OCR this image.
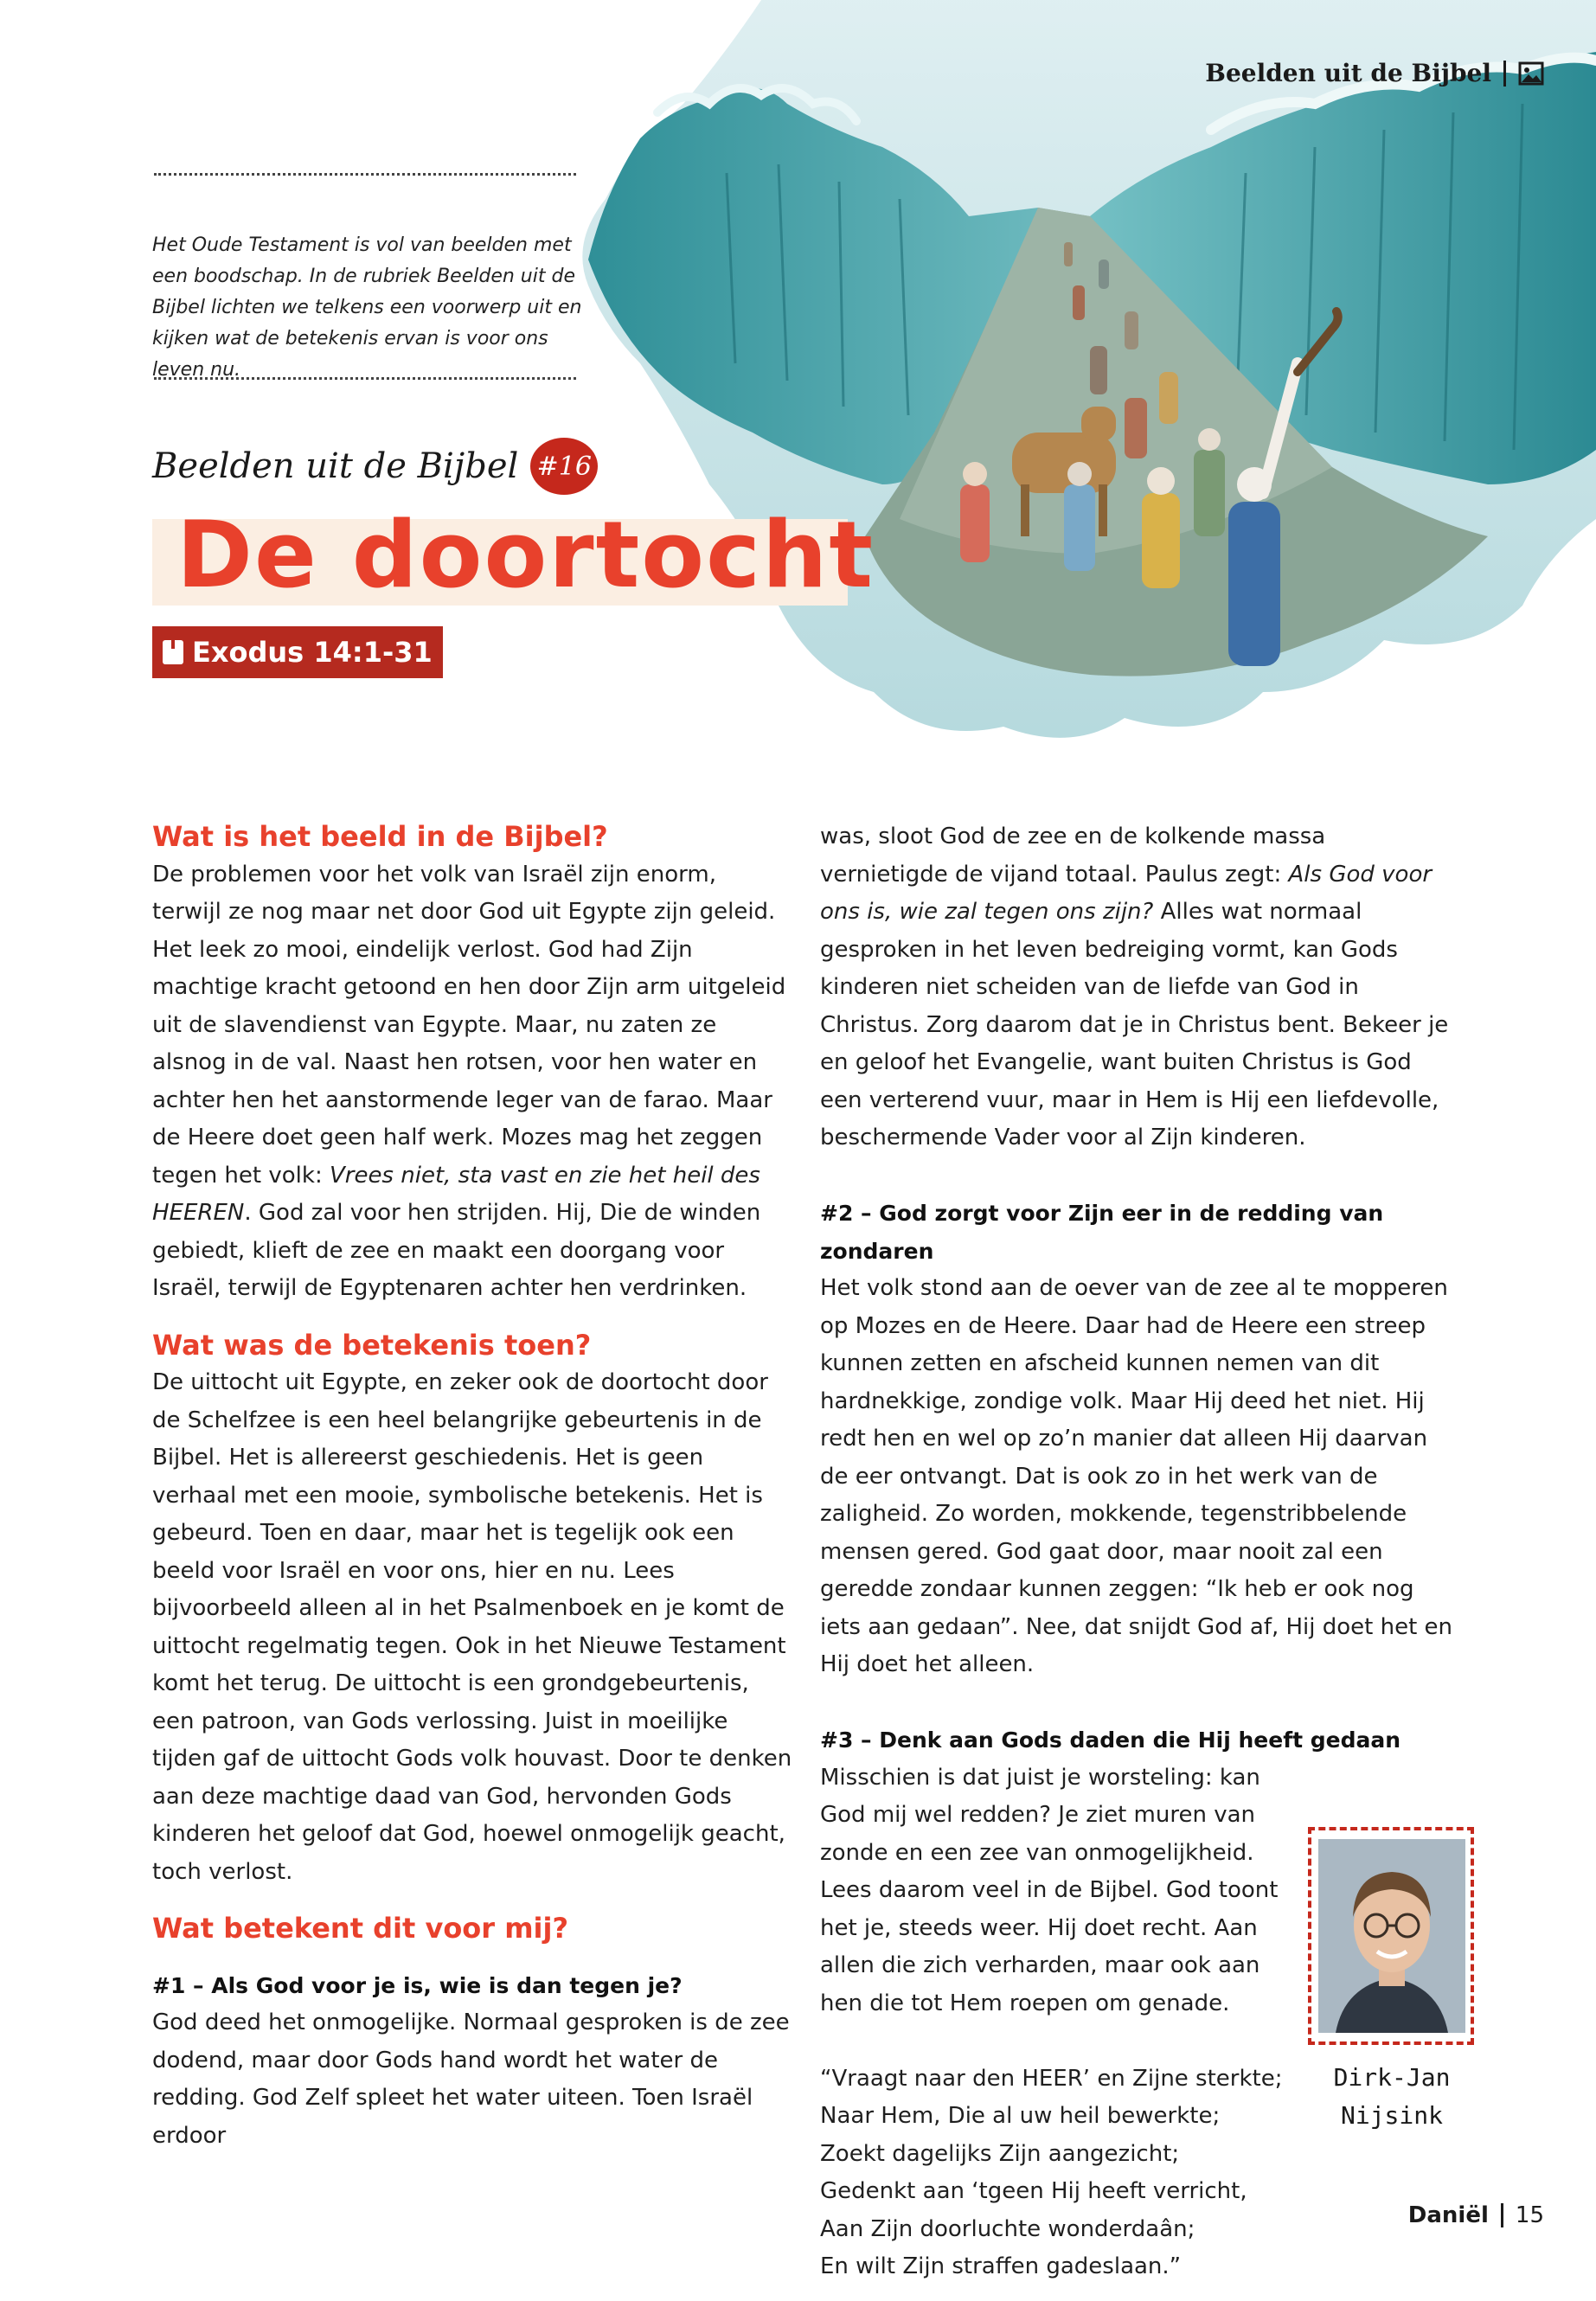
Beelden uit de Bijbel

Het Oude Testament is vol van beelden met een boodschap. In de rubriek Beelden uit de Bijbel lichten we telkens een voorwerp uit en kijken wat de betekenis ervan is voor ons leven nu.

Beelden uit de Bijbel #16
De doortocht
Exodus 14:1-31
Wat is het beeld in de Bijbel?

De problemen voor het volk van Israël zijn enorm, terwijl ze nog maar net door God uit Egypte zijn geleid. Het leek zo mooi, eindelijk verlost. God had Zijn machtige kracht getoond en hen door Zijn arm uitgeleid uit de slavendienst van Egypte. Maar, nu zaten ze alsnog in de val. Naast hen rotsen, voor hen water en achter hen het aanstormende leger van de farao. Maar de Heere doet geen half werk. Mozes mag het zeggen tegen het volk: Vrees niet, sta vast en zie het heil des HEEREN. God zal voor hen strijden. Hij, Die de winden gebiedt, klieft de zee en maakt een doorgang voor Israël, terwijl de Egyptenaren achter hen verdrinken.

Wat was de betekenis toen?

De uittocht uit Egypte, en zeker ook de doortocht door de Schelfzee is een heel belangrijke gebeurtenis in de Bijbel. Het is allereerst geschiedenis. Het is geen verhaal met een mooie, symbolische betekenis. Het is gebeurd. Toen en daar, maar het is tegelijk ook een beeld voor Israël en voor ons, hier en nu. Lees bijvoorbeeld alleen al in het Psalmenboek en je komt de uittocht regelmatig tegen. Ook in het Nieuwe Testament komt het terug. De uittocht is een grondgebeurtenis, een patroon, van Gods verlossing. Juist in moeilijke tijden gaf de uittocht Gods volk houvast. Door te denken aan deze machtige daad van God, hervonden Gods kinderen het geloof dat God, hoewel onmogelijk geacht, toch verlost.

Wat betekent dit voor mij?
#1 – Als God voor je is, wie is dan tegen je?

God deed het onmogelijke. Normaal gesproken is de zee dodend, maar door Gods hand wordt het water de redding. God Zelf spleet het water uiteen. Toen Israël erdoor

was, sloot God de zee en de kolkende massa vernietigde de vijand totaal. Paulus zegt: Als God voor ons is, wie zal tegen ons zijn? Alles wat normaal gesproken in het leven bedreiging vormt, kan Gods kinderen niet scheiden van de liefde van God in Christus. Zorg daarom dat je in Christus bent. Bekeer je en geloof het Evangelie, want buiten Christus is God een verterend vuur, maar in Hem is Hij een liefdevolle, beschermende Vader voor al Zijn kinderen.

#2 – God zorgt voor Zijn eer in de redding van zondaren

Het volk stond aan de oever van de zee al te mopperen op Mozes en de Heere. Daar had de Heere een streep kunnen zetten en afscheid kunnen nemen van dit hardnekkige, zondige volk. Maar Hij deed het niet. Hij redt hen en wel op zo’n manier dat alleen Hij daarvan de eer ontvangt. Dat is ook zo in het werk van de zaligheid. Zo worden, mokkende, tegenstribbelende mensen gered. God gaat door, maar nooit zal een geredde zondaar kunnen zeggen: “Ik heb er ook nog iets aan gedaan”. Nee, dat snijdt God af, Hij doet het en Hij doet het alleen.

#3 – Denk aan Gods daden die Hij heeft gedaan

Misschien is dat juist je worsteling: kan God mij wel redden? Je ziet muren van zonde en een zee van onmogelijkheid. Lees daarom veel in de Bijbel. God toont het je, steeds weer. Hij doet recht. Aan allen die zich verharden, maar ook aan hen die tot Hem roepen om genade.

“Vraagt naar den HEER’ en Zijne sterkte;

Naar Hem, Die al uw heil bewerkte;

Zoekt dagelijks Zijn aangezicht;

Gedenkt aan ‘tgeen Hij heeft verricht,

Aan Zijn doorluchte wonderdaân;

En wilt Zijn straffen gadeslaan.”

Dirk-Jan
Nijsink
Daniël 15
